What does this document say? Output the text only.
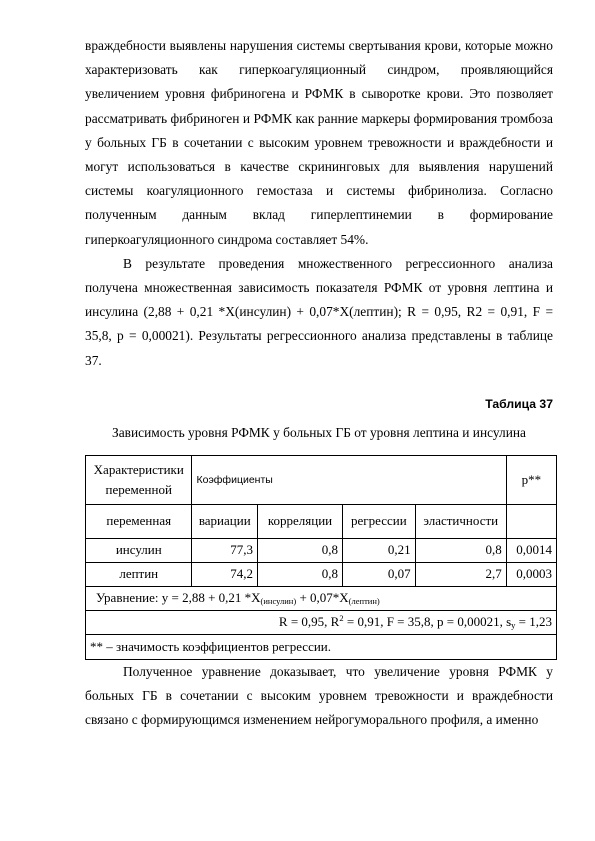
враждебности выявлены нарушения системы свертывания крови, которые можно характеризовать как гиперкоагуляционный синдром, проявляющийся увеличением уровня фибриногена и РФМК в сыворотке крови. Это позволяет рассматривать фибриноген и РФМК как ранние маркеры формирования тромбоза у больных ГБ в сочетании с высоким уровнем тревожности и враждебности и могут использоваться в качестве скрининговых для выявления нарушений системы коагуляционного гемостаза и системы фибринолиза. Согласно полученным данным вклад гиперлептинемии в формирование гиперкоагуляционного синдрома составляет 54%.

В результате проведения множественного регрессионного анализа получена множественная зависимость показателя РФМК от уровня лептина и инсулина (2,88 + 0,21 *Х(инсулин) + 0,07*Х(лептин); R = 0,95, R2 = 0,91, F = 35,8, p = 0,00021). Результаты регрессионного анализа представлены в таблице 37.

Таблица 37
Зависимость уровня РФМК у больных ГБ от уровня лептина и инсулина
Характеристики переменной	Коэффициенты				p**
переменная	вариации	корреляции	регрессии	эластичности	
инсулин	77,3	0,8	0,21	0,8	0,0014
лептин	74,2	0,8	0,07	2,7	0,0003
Уравнение: y = 2,88 + 0,21 *X(инсулин) + 0,07*X(лептин)					
R = 0,95, $R^2 = 0,91$, F = 35,8, p = 0,00021, sy = 1,23					
** – значимость коэффициентов регрессии.					

Полученное уравнение доказывает, что увеличение уровня РФМК у больных ГБ в сочетании с высоким уровнем тревожности и враждебности связано с формирующимся изменением нейрогуморального профиля, а именно
